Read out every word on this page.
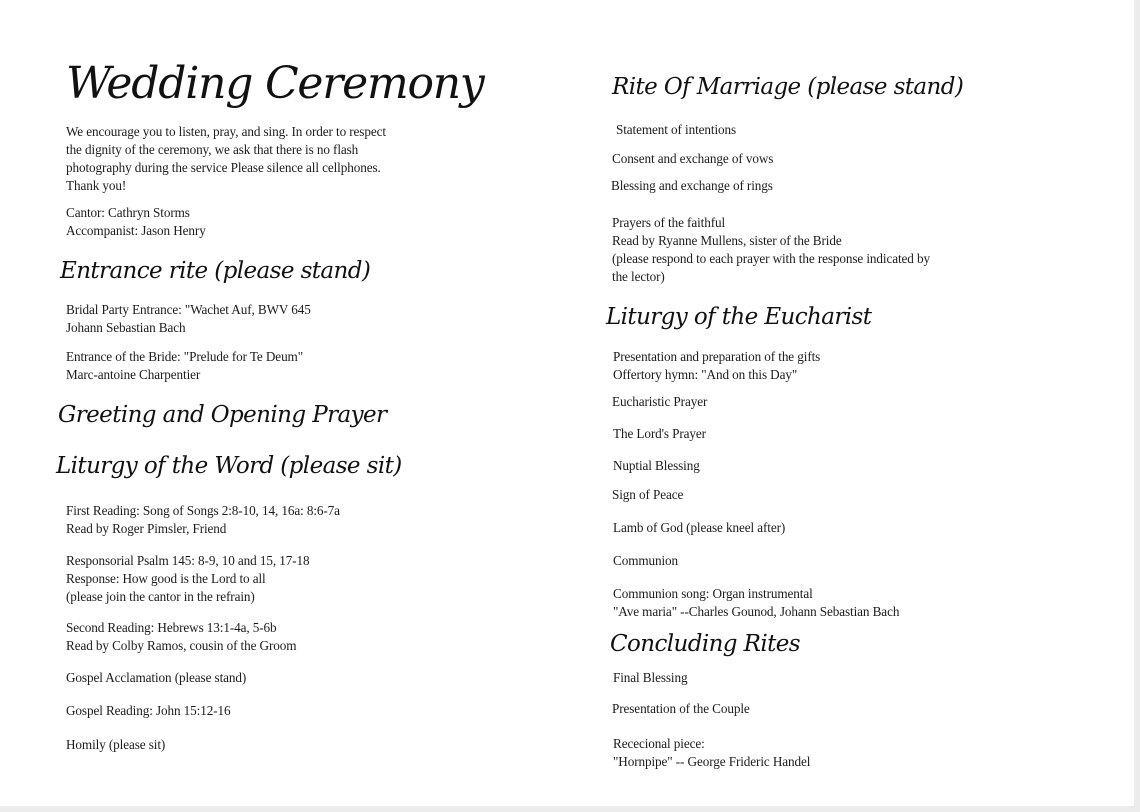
Wedding Ceremony

We encourage you to listen, pray, and sing. In order to respect

the dignity of the ceremony, we ask that there is no flash

photography during the service Please silence all cellphones.

Thank you!

Cantor: Cathryn Storms

Accompanist: Jason Henry

Entrance rite (please stand)

Bridal Party Entrance: "Wachet Auf, BWV 645

Johann Sebastian Bach

Entrance of the Bride: "Prelude for Te Deum"

Marc-antoine Charpentier

Greeting and Opening Prayer
Liturgy of the Word (please sit)

First Reading: Song of Songs 2:8-10, 14, 16a: 8:6-7a

Read by Roger Pimsler, Friend

Responsorial Psalm 145: 8-9, 10 and 15, 17-18

Response: How good is the Lord to all

(please join the cantor in the refrain)

Second Reading: Hebrews 13:1-4a, 5-6b

Read by Colby Ramos, cousin of the Groom

Gospel Acclamation (please stand)

Gospel Reading: John 15:12-16

Homily (please sit)

Rite Of Marriage (please stand)

Statement of intentions

Consent and exchange of vows

Blessing and exchange of rings

Prayers of the faithful

Read by Ryanne Mullens, sister of the Bride

(please respond to each prayer with the response indicated by

the lector)

Liturgy of the Eucharist

Presentation and preparation of the gifts

Offertory hymn: "And on this Day"

Eucharistic Prayer

The Lord's Prayer

Nuptial Blessing

Sign of Peace

Lamb of God (please kneel after)

Communion

Communion song: Organ instrumental

"Ave maria" --Charles Gounod, Johann Sebastian Bach

Concluding Rites

Final Blessing

Presentation of the Couple

Rececional piece:

"Hornpipe" -- George Frideric Handel
